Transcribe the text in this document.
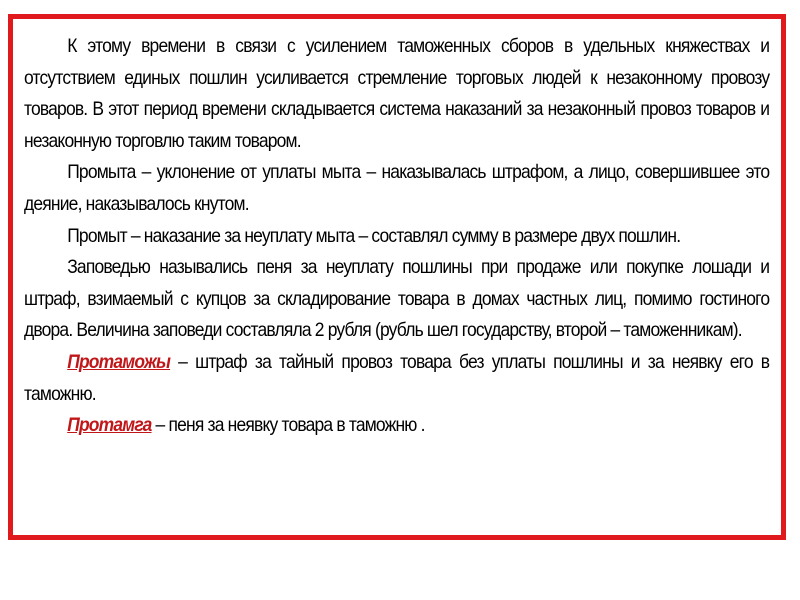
К этому времени в связи с усилением таможенных сборов в удельных княжествах и отсутствием единых пошлин усиливается стремление торговых людей к незаконному провозу товаров. В этот период времени складывается система наказаний за незаконный провоз товаров и незаконную торговлю таким товаром.

Промыта – уклонение от уплаты мыта – наказывалась штрафом, а лицо, совершившее это деяние, наказывалось кнутом.

Промыт – наказание за неуплату мыта – составлял сумму в размере двух пошлин.

Заповедью назывались пеня за неуплату пошлины при продаже или покупке лошади и штраф, взимаемый с купцов за складирование товара в домах частных лиц, помимо гостиного двора. Величина заповеди составляла 2 рубля (рубль шел государству, второй – таможенникам).

Протаможы – штраф за тайный провоз товара без уплаты пошлины и за неявку его в таможню.

Протамга – пеня за неявку товара в таможню .
